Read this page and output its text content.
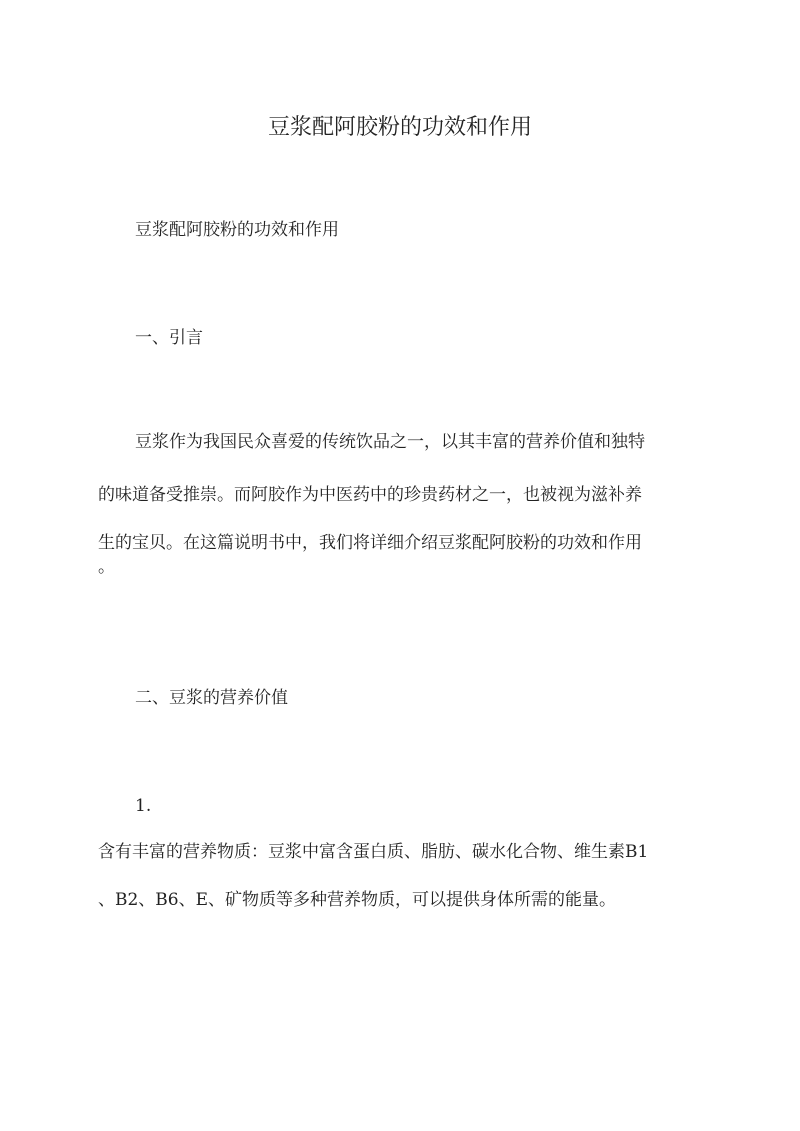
豆浆配阿胶粉的功效和作用
豆浆配阿胶粉的功效和作用
一、引言
豆浆作为我国民众喜爱的传统饮品之一，以其丰富的营养价值和独特
的味道备受推崇。而阿胶作为中医药中的珍贵药材之一，也被视为滋补养
生的宝贝。在这篇说明书中，我们将详细介绍豆浆配阿胶粉的功效和作用
。
二、豆浆的营养价值
1.
含有丰富的营养物质：豆浆中富含蛋白质、脂肪、碳水化合物、维生素B1
、B2、B6、E、矿物质等多种营养物质，可以提供身体所需的能量。
